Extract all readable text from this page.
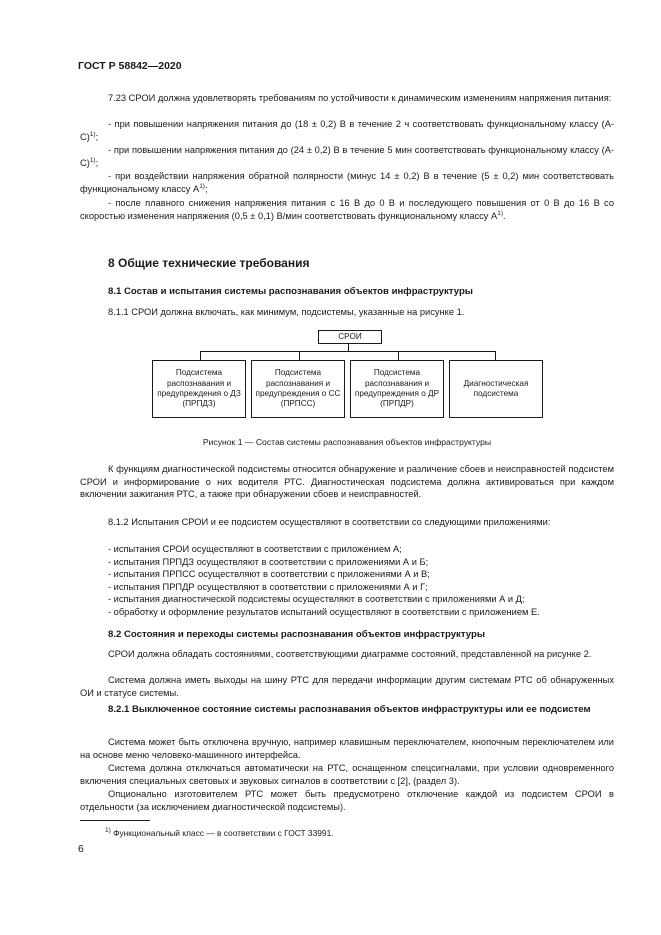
ГОСТ Р 58842—2020

7.23 СРОИ должна удовлетворять требованиям по устойчивости к динамическим изменениям напряжения питания:

- при повышении напряжения питания до (18 ± 0,2) В в течение 2 ч соответствовать функциональному классу $(А-С)^{1)}$;

- при повышении напряжения питания до (24 ± 0,2) В в течение 5 мин соответствовать функциональному классу $(А-С)^{1)}$;

- при воздействии напряжения обратной полярности (минус 14 ± 0,2) В в течение (5 ± 0,2) мин соответствовать функциональному классу $А^{1)}$;

- после плавного снижения напряжения питания с 16 В до 0 В и последующего повышения от 0 В до 16 В со скоростью изменения напряжения (0,5 ± 0,1) В/мин соответствовать функциональному классу $А^{1)}$.

8 Общие технические требования
8.1 Состав и испытания системы распознавания объектов инфраструктуры

8.1.1 СРОИ должна включать, как минимум, подсистемы, указанные на рисунке 1.

СРОИ
Подсистема распознавания и предупреждения о ДЗ (ПРПДЗ)
Подсистема распознавания и предупреждения о СС (ПРПСС)
Подсистема распознавания и предупреждения о ДР (ПРПДР)
Диагностическая подсистема
Рисунок 1 — Состав системы распознавания объектов инфраструктуры

К функциям диагностической подсистемы относится обнаружение и различение сбоев и неисправностей подсистем СРОИ и информирование о них водителя РТС. Диагностическая подсистема должна активироваться при каждом включении зажигания РТС, а также при обнаружении сбоев и неисправностей.

8.1.2 Испытания СРОИ и ее подсистем осуществляют в соответствии со следующими приложениями:

- испытания СРОИ осуществляют в соответствии с приложением А;
- испытания ПРПДЗ осуществляют в соответствии с приложениями А и Б;
- испытания ПРПСС осуществляют в соответствии с приложениями А и В;
- испытания ПРПДР осуществляют в соответствии с приложениями А и Г;
- испытания диагностической подсистемы осуществляют в соответствии с приложениями А и Д;
- обработку и оформление результатов испытаний осуществляют в соответствии с приложением Е.
8.2 Состояния и переходы системы распознавания объектов инфраструктуры

СРОИ должна обладать состояниями, соответствующими диаграмме состояний, представленной на рисунке 2.

Система должна иметь выходы на шину РТС для передачи информации другим системам РТС об обнаруженных ОИ и статусе системы.

8.2.1 Выключенное состояние системы распознавания объектов инфраструктуры или ее подсистем

Система может быть отключена вручную, например клавишным переключателем, кнопочным переключателем или на основе меню человеко-машинного интерфейса.

Система должна отключаться автоматически на РТС, оснащенном спецсигналами, при условии одновременного включения специальных световых и звуковых сигналов в соответствии с [2], (раздел 3).

Опционально изготовителем РТС может быть предусмотрено отключение каждой из подсистем СРОИ в отдельности (за исключением диагностической подсистемы).

$^{1)}$ Функциональный класс — в соответствии с ГОСТ 33991.
6
